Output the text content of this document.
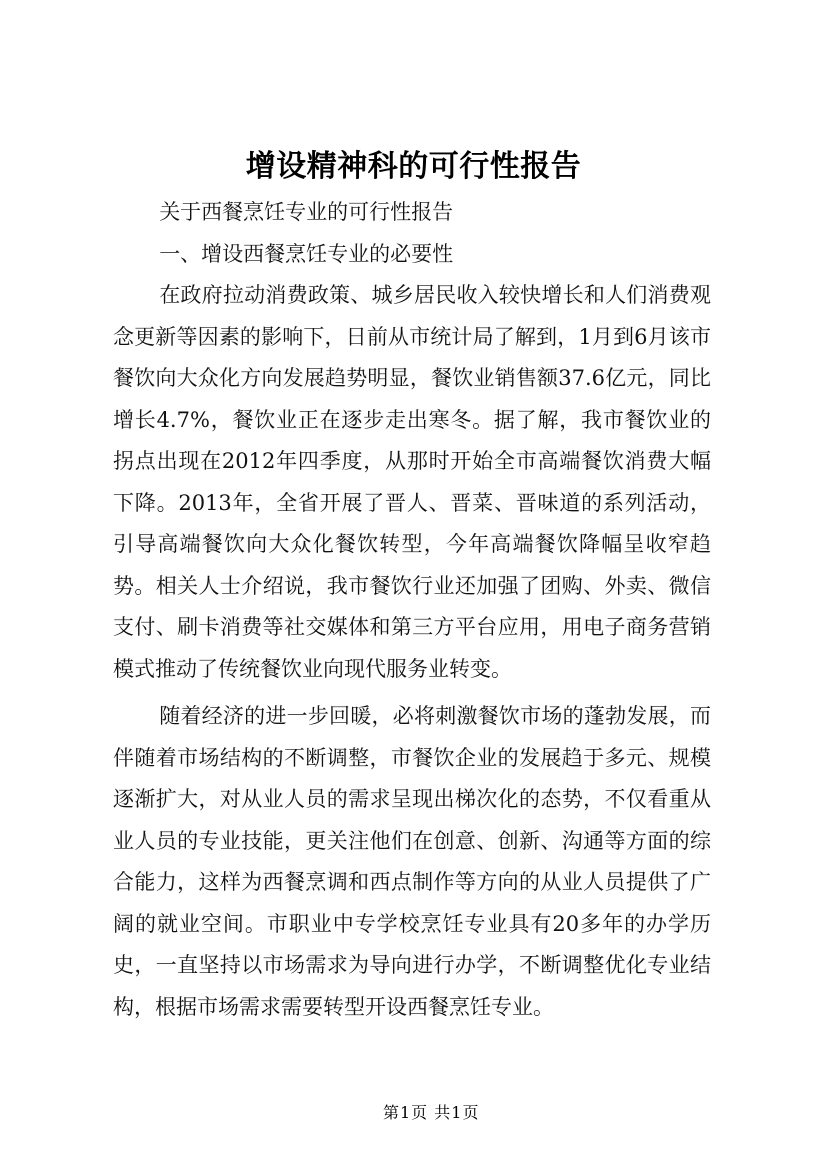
增设精神科的可行性报告

关于西餐烹饪专业的可行性报告

一、增设西餐烹饪专业的必要性

在政府拉动消费政策、城乡居民收入较快增长和人们消费观念更新等因素的影响下，日前从市统计局了解到，1月到6月该市餐饮向大众化方向发展趋势明显，餐饮业销售额37.6亿元，同比增长4.7%，餐饮业正在逐步走出寒冬。据了解，我市餐饮业的拐点出现在2012年四季度，从那时开始全市高端餐饮消费大幅下降。2013年，全省开展了晋人、晋菜、晋味道的系列活动，引导高端餐饮向大众化餐饮转型，今年高端餐饮降幅呈收窄趋势。相关人士介绍说，我市餐饮行业还加强了团购、外卖、微信支付、刷卡消费等社交媒体和第三方平台应用，用电子商务营销模式推动了传统餐饮业向现代服务业转变。

随着经济的进一步回暖，必将刺激餐饮市场的蓬勃发展，而伴随着市场结构的不断调整，市餐饮企业的发展趋于多元、规模逐渐扩大，对从业人员的需求呈现出梯次化的态势，不仅看重从业人员的专业技能，更关注他们在创意、创新、沟通等方面的综合能力，这样为西餐烹调和西点制作等方向的从业人员提供了广阔的就业空间。市职业中专学校烹饪专业具有20多年的办学历史，一直坚持以市场需求为导向进行办学，不断调整优化专业结构，根据市场需求需要转型开设西餐烹饪专业。

第1页 共1页
